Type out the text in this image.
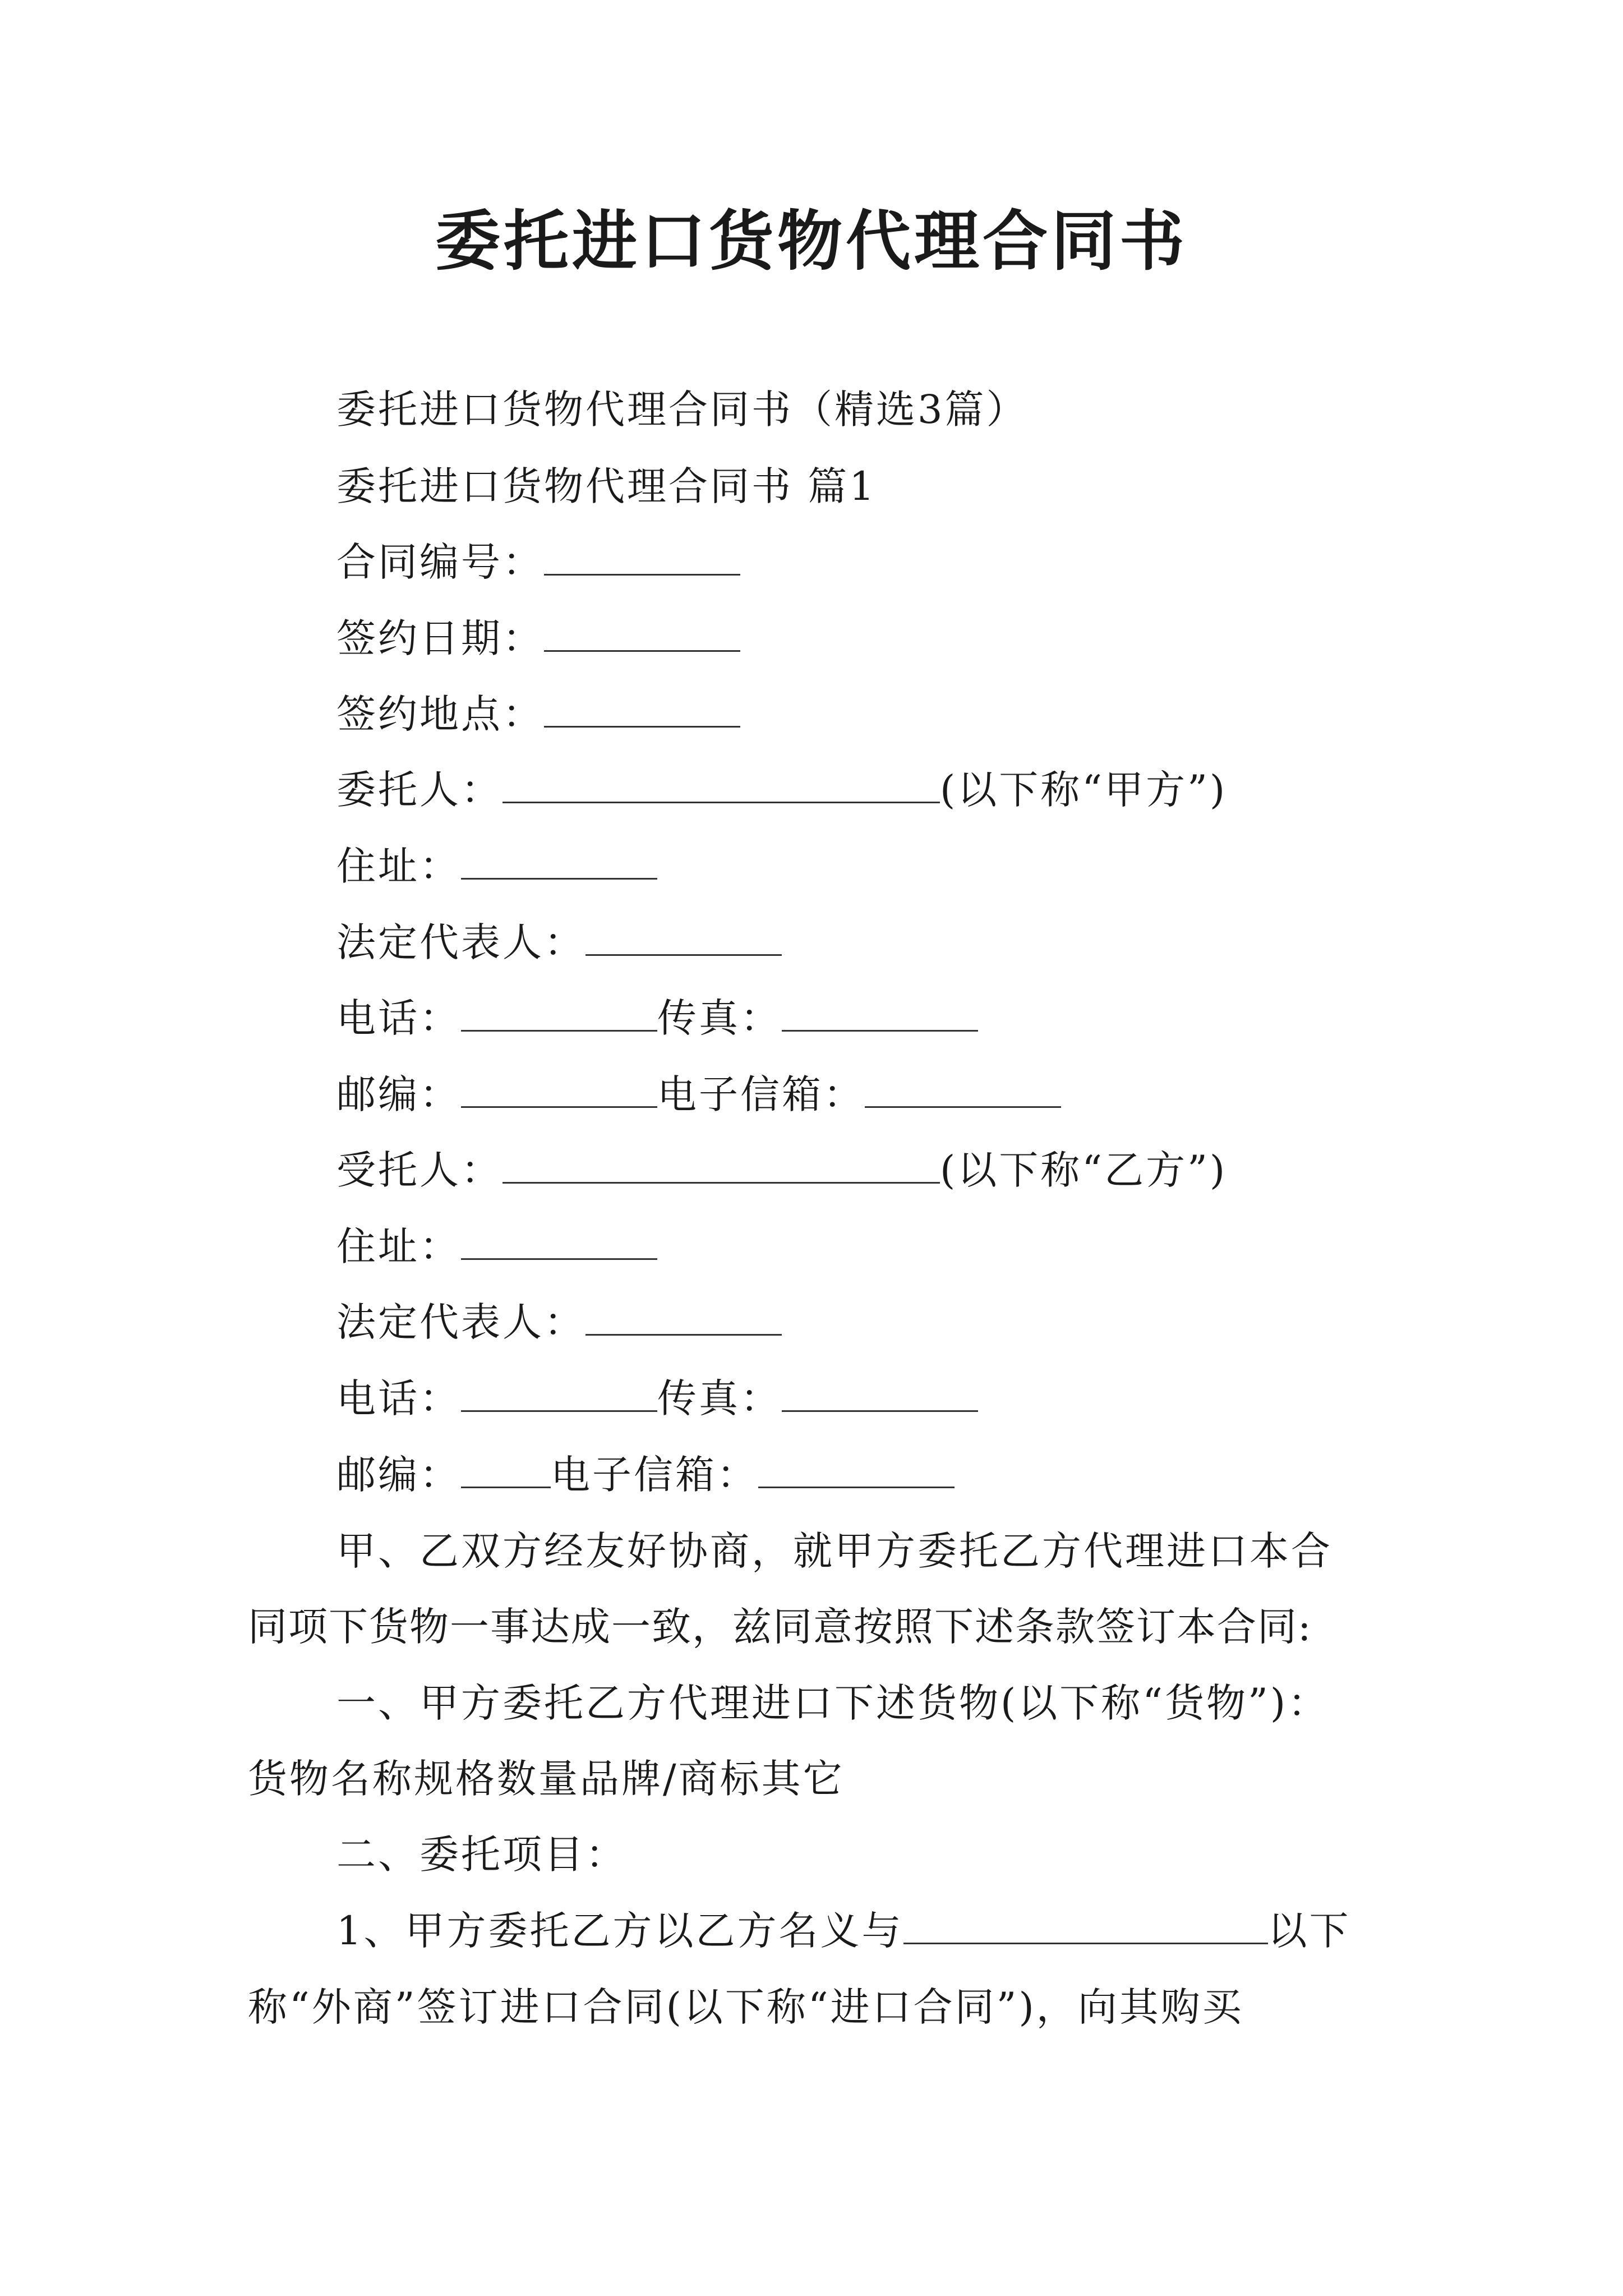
委托进口货物代理合同书
委托进口货物代理合同书（精选3篇）
委托进口货物代理合同书 篇1
合同编号：
签约日期：
签约地点：
委托人：	(以下称“甲方”)
住址：
法定代表人：
电话：	传真：
邮编：	电子信箱：
受托人：	(以下称“乙方”)
住址：
法定代表人：
电话：	传真：
邮编： 电子信箱：
甲、乙双方经友好协商，就甲方委托乙方代理进口本合
同项下货物一事达成一致，兹同意按照下述条款签订本合同:
一、甲方委托乙方代理进口下述货物(以下称“货物”)：
货物名称规格数量品牌/商标其它
二、委托项目：
1、甲方委托乙方以乙方名义与	以下
称“外商”签订进口合同(以下称“进口合同”)，向其购买
